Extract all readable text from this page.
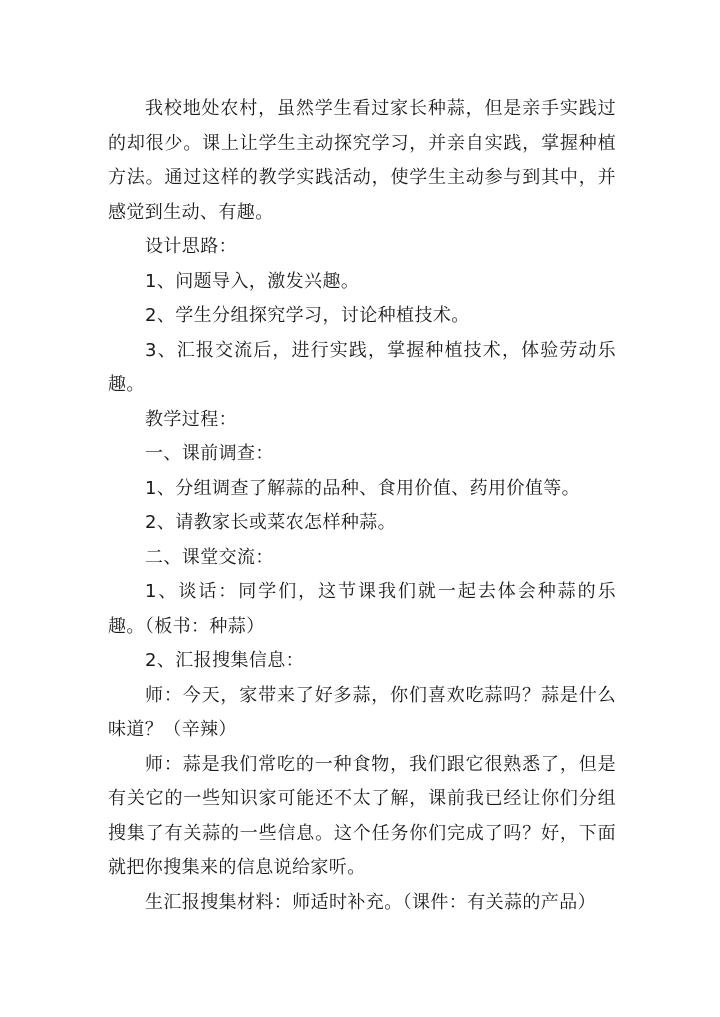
我校地处农村，虽然学生看过家长种蒜，但是亲手实践过的却很少。课上让学生主动探究学习，并亲自实践，掌握种植方法。通过这样的教学实践活动，使学生主动参与到其中，并感觉到生动、有趣。

设计思路：

1、问题导入，激发兴趣。

2、学生分组探究学习，讨论种植技术。

3、汇报交流后，进行实践，掌握种植技术，体验劳动乐趣。

教学过程：

一、课前调查：

1、分组调查了解蒜的品种、食用价值、药用价值等。

2、请教家长或菜农怎样种蒜。

二、课堂交流：

1、谈话：同学们，这节课我们就一起去体会种蒜的乐趣。（板书：种蒜）

2、汇报搜集信息：

师：今天，家带来了好多蒜，你们喜欢吃蒜吗？蒜是什么味道？（辛辣）

师：蒜是我们常吃的一种食物，我们跟它很熟悉了，但是有关它的一些知识家可能还不太了解，课前我已经让你们分组搜集了有关蒜的一些信息。这个任务你们完成了吗？好，下面就把你搜集来的信息说给家听。

生汇报搜集材料：师适时补充。（课件：有关蒜的产品）
